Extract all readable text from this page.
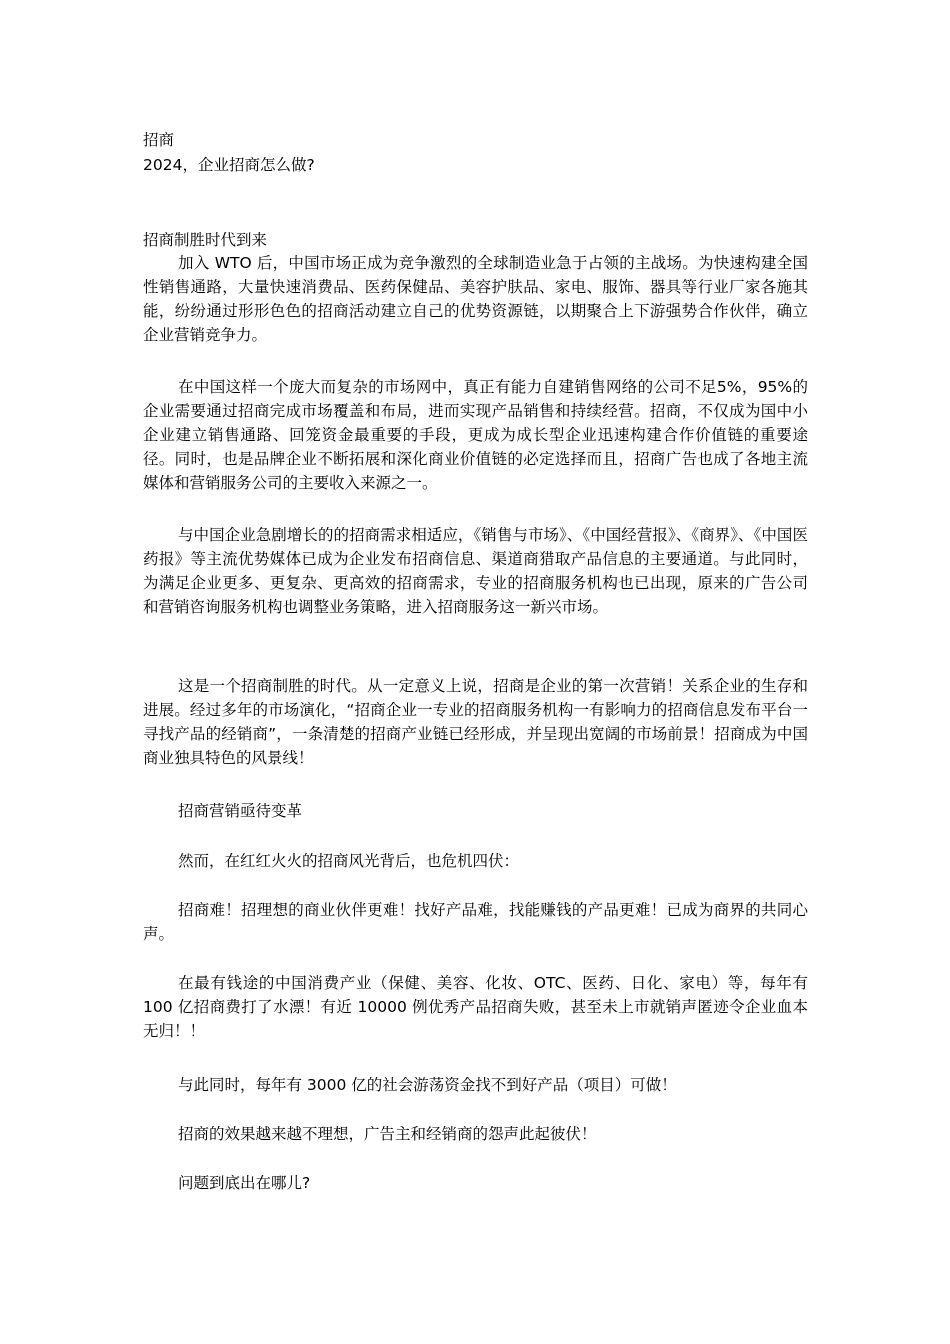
招商
2024，企业招商怎么做?
招商制胜时代到来
加入 WTO 后，中国市场正成为竞争激烈的全球制造业急于占领的主战场。为快速构建全国性销售通路，大量快速消费品、医药保健品、美容护肤品、家电、服饰、器具等行业厂家各施其能，纷纷通过形形色色的招商活动建立自己的优势资源链，以期聚合上下游强势合作伙伴，确立企业营销竞争力。
在中国这样一个庞大而复杂的市场网中，真正有能力自建销售网络的公司不足5%，95%的企业需要通过招商完成市场覆盖和布局，进而实现产品销售和持续经营。招商，不仅成为国中小企业建立销售通路、回笼资金最重要的手段，更成为成长型企业迅速构建合作价值链的重要途径。同时，也是品牌企业不断拓展和深化商业价值链的必定选择而且，招商广告也成了各地主流媒体和营销服务公司的主要收入来源之一。
与中国企业急剧增长的的招商需求相适应，《销售与市场》、《中国经营报》、《商界》、《中国医药报》等主流优势媒体已成为企业发布招商信息、渠道商猎取产品信息的主要通道。与此同时，为满足企业更多、更复杂、更高效的招商需求，专业的招商服务机构也已出现，原来的广告公司和营销咨询服务机构也调整业务策略，进入招商服务这一新兴市场。
这是一个招商制胜的时代。从一定意义上说，招商是企业的第一次营销！关系企业的生存和进展。经过多年的市场演化，“招商企业一专业的招商服务机构一有影响力的招商信息发布平台一寻找产品的经销商”，一条清楚的招商产业链已经形成，并呈现出宽阔的市场前景！招商成为中国商业独具特色的风景线！
招商营销亟待变革
然而，在红红火火的招商风光背后，也危机四伏：
招商难！招理想的商业伙伴更难！找好产品难，找能赚钱的产品更难！已成为商界的共同心声。
在最有钱途的中国消费产业（保健、美容、化妆、OTC、医药、日化、家电）等，每年有 100 亿招商费打了水漂！有近 10000 例优秀产品招商失败，甚至未上市就销声匿迹令企业血本无归！！
与此同时，每年有 3000 亿的社会游荡资金找不到好产品（项目）可做！
招商的效果越来越不理想，广告主和经销商的怨声此起彼伏！
问题到底出在哪儿?
